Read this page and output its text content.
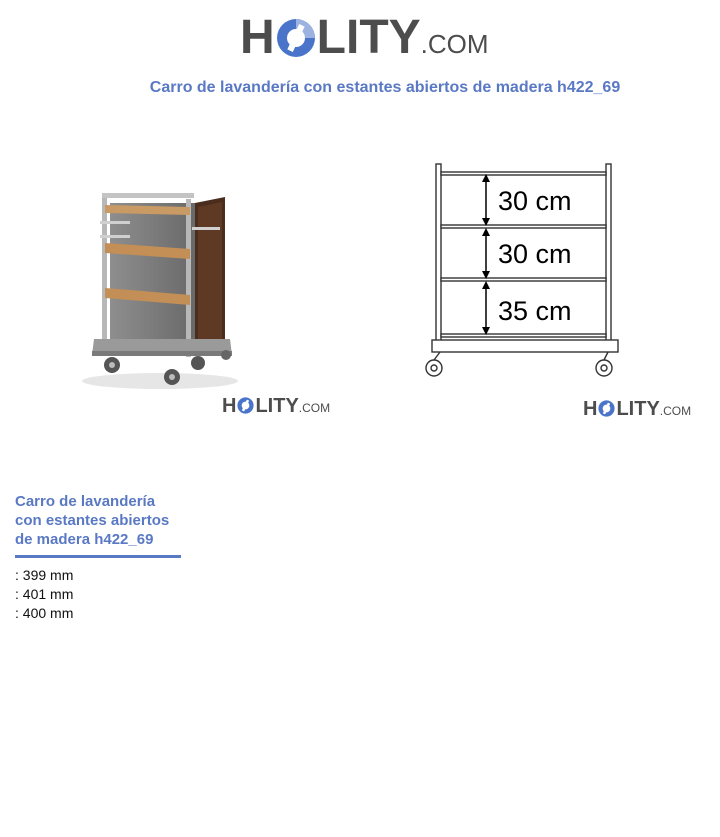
H LITY .COM
Carro de lavandería con estantes abiertos de madera h422_69
H LITY .COM
30 cm
30 cm
35 cm
H LITY .COM
Carro de lavandería con estantes abiertos de madera h422_69
: 399 mm
: 401 mm
: 400 mm
